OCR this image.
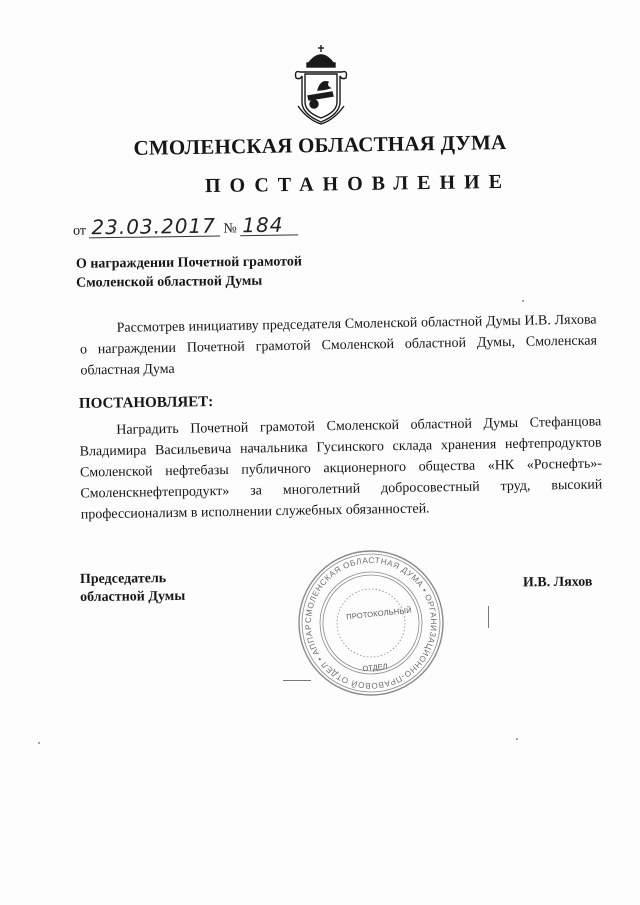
СМОЛЕНСКАЯ ОБЛАСТНАЯ ДУМА
ПОСТАНОВЛЕНИЕ
от 23.03.2017 № 184
О награждении Почетной грамотой
Смоленской областной Думы
Рассмотрев инициативу председателя Смоленской областной Думы И.В. Ляхова о награждении Почетной грамотой Смоленской областной Думы, Смоленская областная Дума
ПОСТАНОВЛЯЕТ:
Наградить Почетной грамотой Смоленской областной Думы Стефанцова Владимира Васильевича начальника Гусинского склада хранения нефтепродуктов Смоленской нефтебазы публичного акционерного общества «НК «Роснефть»-Смоленскнефтепродукт» за многолетний добросовестный труд, высокий профессионализм в исполнении служебных обязанностей.
Председатель
областной Думы
СМОЛЕНСКАЯ ОБЛАСТНАЯ ДУМА • ОРГАНИЗАЦИОННО-ПРАВОВОЙ ОТДЕЛ • АППАР
ПРОТОКОЛЬНЫЙ
ОТДЕЛ
И.В. Ляхов
